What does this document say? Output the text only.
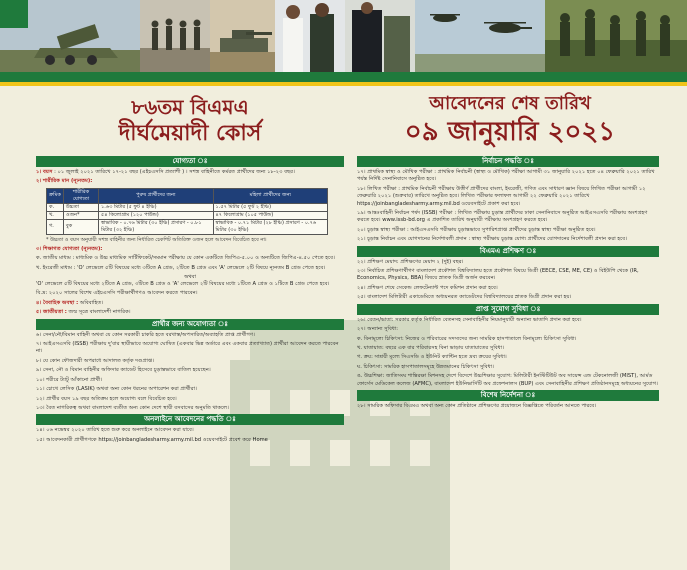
৮৬তম বিএমএ
দীর্ঘমেয়াদী কোর্স
আবেদনের শেষ তারিখ
০৯ জানুয়ারি ২০২১
যোগ্যতা ঃ
১। বয়স : ০১ জুলাই ২০২১ তারিখে ১৭-২১ বছর (এইচএসসি প্রত্যাশী ) । সশস্ত্র বাহিনীতে কর্মরত প্রার্থীদের জন্য ১৮-২৩ বছর।
২। শারীরিক মান (ন্যূনতম):
ক্রমিক	শারীরিক যোগ্যতা	পুরুষ প্রার্থীদের জন্য	মহিলা প্রার্থীদের জন্য
ক.	উচ্চতা	১.৬৩ মিটার (৫ ফুট ৪ ইঞ্চি)	১.৫৭ মিটার (৫ ফুট ২ ইঞ্চি)
খ.	ওজন*	৫৪ কিলোগ্রাম (১২০ পাউন্ড)	৪৭ কিলোগ্রাম (১০৫ পাউন্ড)
গ.	বুক	স্বাভাবিক - ০.৭৬ মিটার (৩০ ইঞ্চি) প্রসারণ - ০.৮১ মিটার (৩২ ইঞ্চি)	স্বাভাবিক - ০.৭১ মিটার (২৮ ইঞ্চি) প্রসারণ - ০.৭৬ মিটার (৩০ ইঞ্চি)
* উচ্চতা ও বয়স অনুযায়ী সশস্ত্র বাহিনীর জন্য নির্ধারিত চেকশিট অতিরিক্ত ওজন হলে আবেদন বিবেচিত হবে না।
৩। শিক্ষাগত যোগ্যতা (ন্যূনতম):
ক. জাতীয় মাধ্যম : মাধ্যমিক ও উচ্চ মাধ্যমিক সার্টিফিকেট/সমমান পরীক্ষায় যে কোন একটিতে জিপিএ-৫.০০ ও অন্যটিতে জিপিএ-৪.৫০ পেতে হবে।
খ. ইংরেজী মাধ্যম : 'O' লেভেলে ৫টি বিষয়ের মধ্যে ৩টিতে A গ্রেড, ২টিতে B গ্রেড এবং 'A' লেভেলে ২টি বিষয়ে ন্যূনতম B গ্রেড পেতে হবে।
অথবা
'O' লেভেলে ৫টি বিষয়ের মধ্যে ২টিতে A গ্রেড, ৩টিতে B গ্রেড ও 'A' লেভেলে ২টি বিষয়ের মধ্যে ১টিতে A গ্রেড ও ১টিতে B গ্রেড পেতে হবে।
বি.দ্র: ২০২০ সালের বিশেষ এইচএসসি পরীক্ষার্থীগণও আবেদন করতে পারবেন।
৪। বৈবাহিক অবস্থা : অবিবাহিত।
৫। জাতীয়তা : জন্ম সূত্রে বাংলাদেশী নাগরিক।
প্রার্থীর জন্য অযোগ্যতা ঃ
৬। সেনা/নৌ/বিমান বাহিনী অথবা যে কোন সরকারী চাকরি হতে বরখাস্ত/অপসারিত/অব্যাহতি প্রাপ্ত প্রার্থীগণ।
৭। আইএসএসবি (ISSB) পরীক্ষায় দু'বার স্থায়ীভাবে অযোগ্য ঘোষিত (একবার ভিন্ন অর্ডারে এবং একবার প্রত্যাখ্যাত) প্রার্থীরা আবেদন করতে পারবেন না।
৮। যে কোন ফৌজদারী অপরাধে আদালত কর্তৃক দণ্ডপ্রাপ্ত।
৯। সেনা, নৌ ও বিমান বাহিনীর অফিসার ক্যাডেট হিসেবে চূড়ান্তভাবে বাতিল হয়েছেন।
১০। শরীরে ট্যাটু আঁকানো প্রার্থী।
১১। চোখে লেসিক (LASIK) অথবা অন্য কোন ধরনের অপারেশন করা প্রার্থীরা।
১২। প্রার্থীর বয়স ১৯ বছর অতিক্রম হলে অযোগ্য বলে বিবেচিত হবে।
১৩। বৈত নাগরিকত্ব অথবা বাংলাদেশ ব্যতীত অন্য কোন দেশে স্থায়ী বসবাসের অনুমতি থাকলে।
অনলাইনে আবেদনের পদ্ধতি ঃ
১৪। ০৬ নভেম্বর ২০২০ তারিখ হতে শুরু করে অনলাইনে আবেদন করা যাবে।
১৫। আবেদনকারী প্রার্থীগণকে https://joinbangladesharmy.army.mil.bd ওয়েবসাইটে প্রবেশ করে Home
নির্বাচন পদ্ধতি ঃ
১৭। প্রাথমিক স্বাস্থ্য ও মৌখিক পরীক্ষা : প্রাথমিক নির্বাচনী (স্বাস্থ্য ও মৌখিক) পরীক্ষা আগামী ৩১ জানুয়ারি ২০২১ হতে ০৪ ফেব্রুয়ারি ২০২১ তারিখ পর্যন্ত নির্দিষ্ট সেনানিবাসে অনুষ্ঠিত হবে।
১৮। লিখিত পরীক্ষা : প্রাথমিক নির্বাচনী পরীক্ষায় উত্তীর্ণ প্রার্থীদের বাংলা, ইংরেজী, গণিত এবং সাধারণ জ্ঞান বিষয়ে লিখিত পরীক্ষা আগামী ১২ ফেব্রুয়ারি ২০২১ (শুক্রবার) তারিখে অনুষ্ঠিত হবে। লিখিত পরীক্ষার ফলাফল আগামী ২২ ফেব্রুয়ারি ২০২১ তারিখে https://joinbangladesharmy.army.mil.bd ওয়েবসাইটে প্রকাশ করা হবে।
১৯। আন্তঃবাহিনী নির্বাচন পর্ষদ (ISSB) পরীক্ষা : লিখিত পরীক্ষায় চূড়ান্ত প্রার্থীদের ঢাকা সেনানিবাসে অনুষ্ঠিত আইএসএসবি পরীক্ষায় অংশগ্রহণ করতে হবে। www.issb-bd.org এ প্রকাশিত তারিখ অনুযায়ী পরীক্ষায় অংশগ্রহণ করতে হবে।
২০। চূড়ান্ত স্বাস্থ্য পরীক্ষা : আইএসএসবি পরীক্ষায় চূড়ান্তভাবে সুপারিশপ্রাপ্ত প্রার্থীদের চূড়ান্ত স্বাস্থ্য পরীক্ষা অনুষ্ঠিত হবে।
২১। চূড়ান্ত নির্বাচন এবং যোগদানের নির্দেশাবলী প্রদান : স্বাস্থ্য পরীক্ষায় চূড়ান্ত যোগ্য প্রার্থীদের যোগদানের নির্দেশাবলী প্রদান করা হবে।
বিএমএ প্রশিক্ষণ ঃ
২২। প্রশিক্ষণ মেয়াদ: প্রশিক্ষণের মেয়াদ ২ (দুই) বছর।
২৩। নির্বাচিত প্রশিক্ষণার্থীগণ বাংলাদেশ প্রকৌশল বিশ্ববিদ্যালয় হতে প্রকৌশল বিষয়ে ডিগ্রী (EECE, CSE, ME, CE) ও বিইউপি থেকে (IR, Economics, Physics, BBA) বিষয়ে স্নাতক ডিগ্রী অর্জন করবেন।
২৪। প্রশিক্ষণ শেষে সেকেন্ড লেফটেন্যান্ট পদে কমিশন প্রদান করা হবে।
২৫। বাংলাদেশ মিলিটারী একাডেমিতে অধ্যয়নরত ক্যাডেটদের বিশ্ববিদ্যালয়ের স্নাতক ডিগ্রী প্রদান করা হয়।
প্রাপ্ত সুযোগ সুবিধা ঃ
২৬। বেতন/ভাতা: সরকার কর্তৃক নির্ধারিত বেতনসহ সেনাবাহিনীর নিয়মানুযায়ী অন্যান্য ভাতাদি প্রদান করা হবে।
২৭। অন্যান্য সুবিধা:
ক. বিনামূল্যে চিকিৎসা: নিজের ও পরিবারের সদস্যদের জন্য সামরিক হাসপাতালে বিনামূল্যে চিকিৎসা সুবিধা।
খ. যাতায়াত: বছরে এক বার পরিবারসহ বিনা ভাড়ায় যাতায়াতের সুবিধা।
গ. ক্রয়: সাশ্রয়ী মূল্যে সিএসডি ও ইউনিট ক্যান্টিন হতে দ্রব্য ক্রয়ের সুবিধা।
ঘ. চিকিৎসা: সামরিক হাসপাতালসমূহে উন্নতমানের চিকিৎসা সুবিধা।
ঙ. উচ্চশিক্ষা: জাতিসংঘ শান্তিরক্ষা মিশনসহ দেশে বিদেশে উচ্চশিক্ষার সুযোগ: মিলিটারী ইনস্টিটিউট অব সায়েন্স এন্ড টেকনোলজী (MIST), আর্মড ফোর্সেস মেডিকেল কলেজ (AFMC), বাংলাদেশ ইউনিভার্সিটি অব প্রফেশনালস (BUP) এবং সেনাবাহিনীর প্রশিক্ষণ প্রতিষ্ঠানসমূহে অধ্যয়নের সুযোগ।
বিশেষ নির্দেশনা ঃ
২৮। সামরিক অফিসার বিএমএ অথবা অন্য কোন প্রতিষ্ঠানে প্রশিক্ষণের প্রয়োজনে বিজ্ঞপ্তিতে পরিবর্তন আনতে পারবে।
